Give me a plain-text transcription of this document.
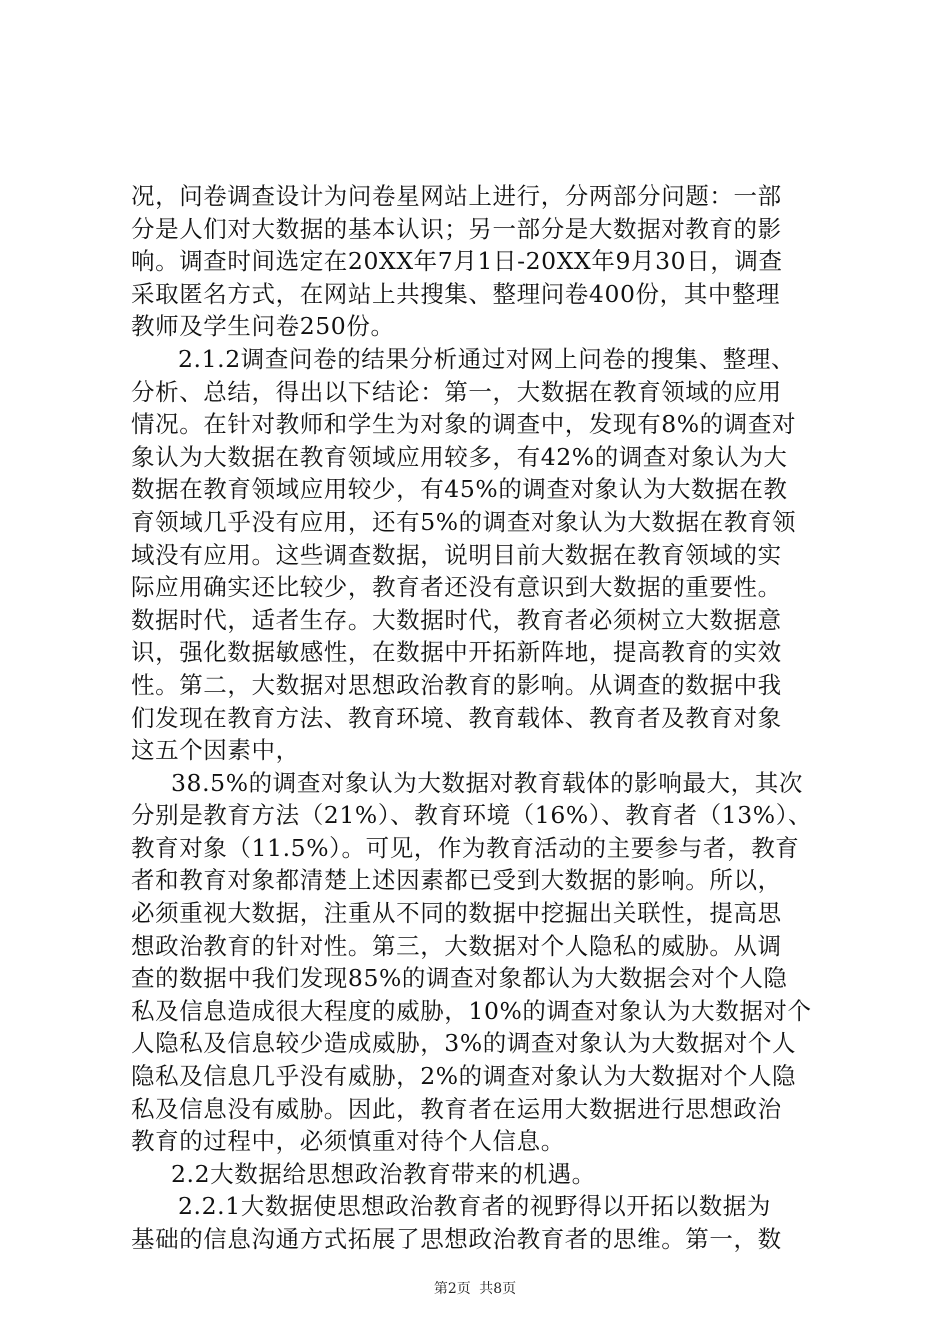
况，问卷调查设计为问卷星网站上进行，分两部分问题：一部
分是人们对大数据的基本认识；另一部分是大数据对教育的影
响。调查时间选定在20XX年7月1日-20XX年9月30日，调查
采取匿名方式，在网站上共搜集、整理问卷400份，其中整理
教师及学生问卷250份。
2.1.2调查问卷的结果分析通过对网上问卷的搜集、整理、
分析、总结，得出以下结论：第一，大数据在教育领域的应用
情况。在针对教师和学生为对象的调查中，发现有8%的调查对
象认为大数据在教育领域应用较多，有42%的调查对象认为大
数据在教育领域应用较少，有45%的调查对象认为大数据在教
育领域几乎没有应用，还有5%的调查对象认为大数据在教育领
域没有应用。这些调查数据，说明目前大数据在教育领域的实
际应用确实还比较少，教育者还没有意识到大数据的重要性。
数据时代，适者生存。大数据时代，教育者必须树立大数据意
识，强化数据敏感性，在数据中开拓新阵地，提高教育的实效
性。第二，大数据对思想政治教育的影响。从调查的数据中我
们发现在教育方法、教育环境、教育载体、教育者及教育对象
这五个因素中，
38.5%的调查对象认为大数据对教育载体的影响最大，其次
分别是教育方法（21%）、教育环境（16%）、教育者（13%）、
教育对象（11.5%）。可见，作为教育活动的主要参与者，教育
者和教育对象都清楚上述因素都已受到大数据的影响。所以，
必须重视大数据，注重从不同的数据中挖掘出关联性，提高思
想政治教育的针对性。第三，大数据对个人隐私的威胁。从调
查的数据中我们发现85%的调查对象都认为大数据会对个人隐
私及信息造成很大程度的威胁，10%的调查对象认为大数据对个
人隐私及信息较少造成威胁，3%的调查对象认为大数据对个人
隐私及信息几乎没有威胁，2%的调查对象认为大数据对个人隐
私及信息没有威胁。因此，教育者在运用大数据进行思想政治
教育的过程中，必须慎重对待个人信息。
2.2大数据给思想政治教育带来的机遇。
2.2.1大数据使思想政治教育者的视野得以开拓以数据为
基础的信息沟通方式拓展了思想政治教育者的思维。第一，数
第2页 共8页
